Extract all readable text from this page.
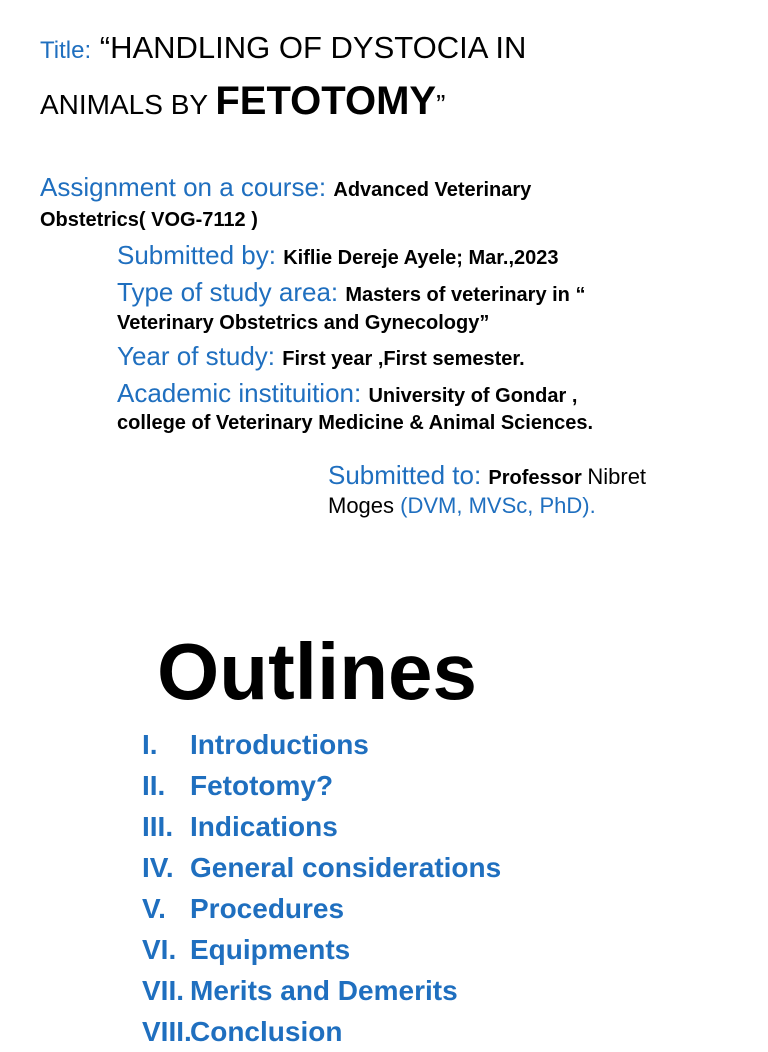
Title: “HANDLING OF DYSTOCIA IN
ANIMALS BY FETOTOMY”
Assignment on a course: Advanced Veterinary
Obstetrics( VOG-7112 )
Submitted by: Kiflie Dereje Ayele; Mar.,2023
Type of study area: Masters of veterinary in “
Veterinary Obstetrics and Gynecology”
Year of study: First year ,First semester.
Academic instituition: University of Gondar ,
college of Veterinary Medicine & Animal Sciences.
Submitted to: Professor Nibret
Moges (DVM, MVSc, PhD).
Outlines
I. Introductions
II. Fetotomy?
III. Indications
IV. General considerations
V. Procedures
VI. Equipments
VII. Merits and Demerits
VIII.
Conclusion
